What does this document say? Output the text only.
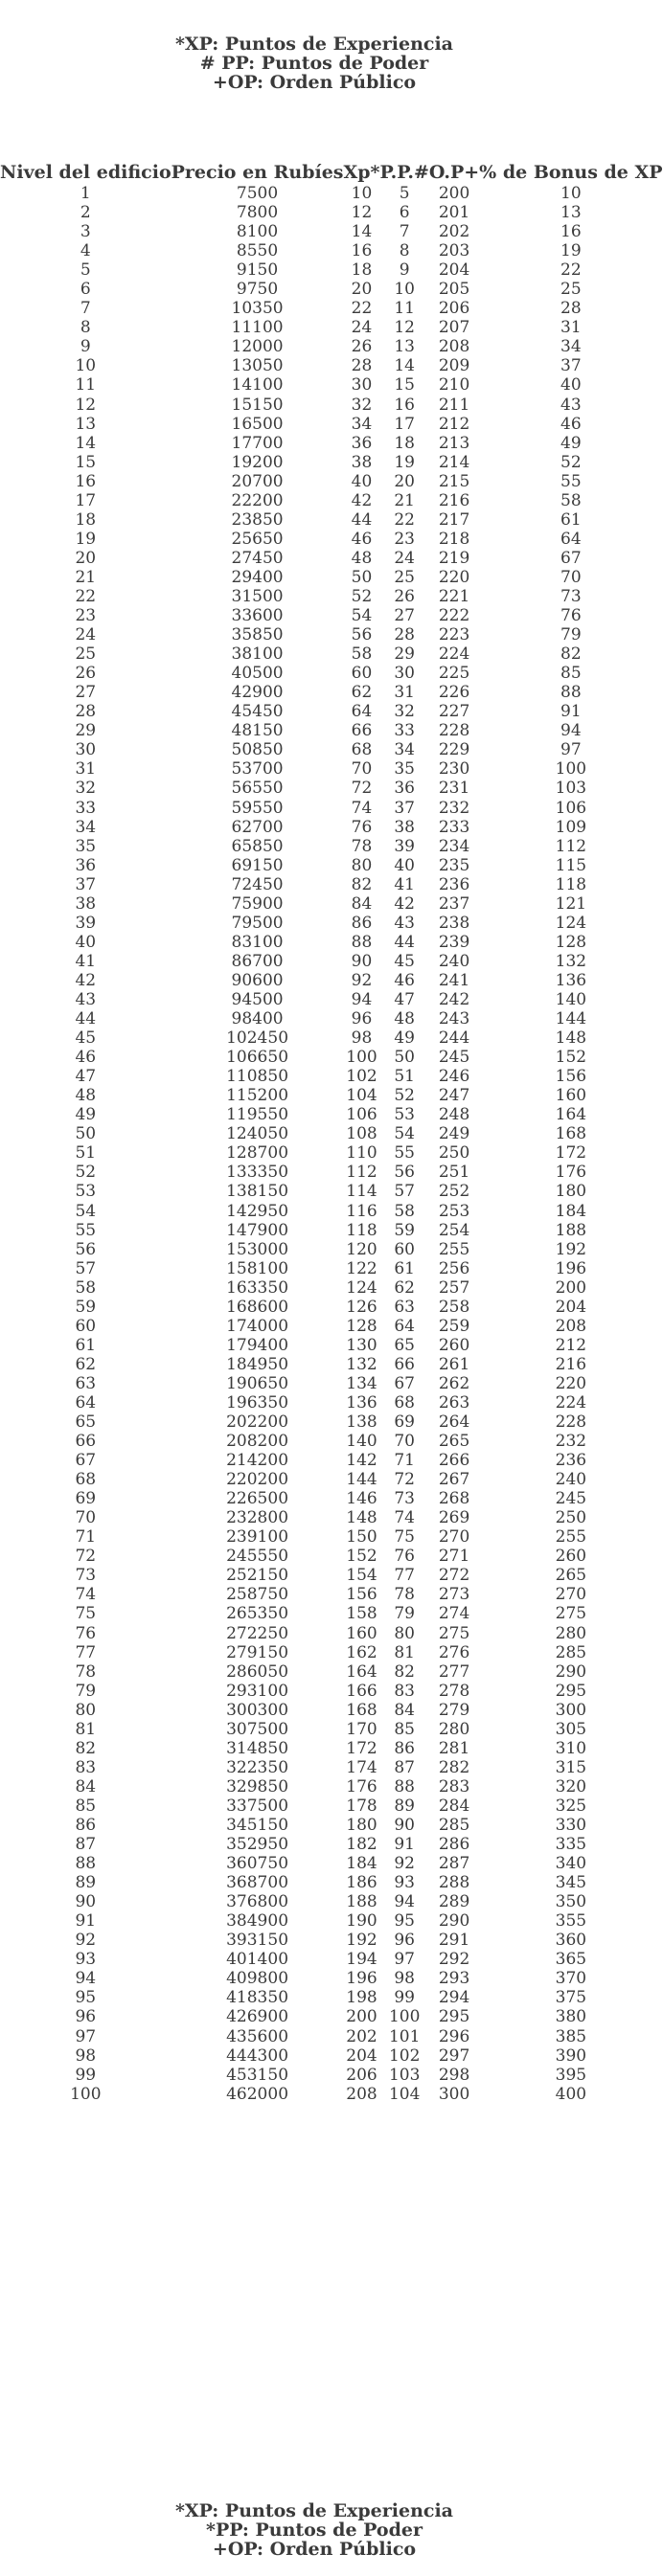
*XP: Puntos de Experiencia
# PP: Puntos de Poder
+OP: Orden Público
Nivel del edificio	Precio en Rubíes	Xp*	P.P.#	O.P+	% de Bonus de XP
1	7500	10	5	200	10
2	7800	12	6	201	13
3	8100	14	7	202	16
4	8550	16	8	203	19
5	9150	18	9	204	22
6	9750	20	10	205	25
7	10350	22	11	206	28
8	11100	24	12	207	31
9	12000	26	13	208	34
10	13050	28	14	209	37
11	14100	30	15	210	40
12	15150	32	16	211	43
13	16500	34	17	212	46
14	17700	36	18	213	49
15	19200	38	19	214	52
16	20700	40	20	215	55
17	22200	42	21	216	58
18	23850	44	22	217	61
19	25650	46	23	218	64
20	27450	48	24	219	67
21	29400	50	25	220	70
22	31500	52	26	221	73
23	33600	54	27	222	76
24	35850	56	28	223	79
25	38100	58	29	224	82
26	40500	60	30	225	85
27	42900	62	31	226	88
28	45450	64	32	227	91
29	48150	66	33	228	94
30	50850	68	34	229	97
31	53700	70	35	230	100
32	56550	72	36	231	103
33	59550	74	37	232	106
34	62700	76	38	233	109
35	65850	78	39	234	112
36	69150	80	40	235	115
37	72450	82	41	236	118
38	75900	84	42	237	121
39	79500	86	43	238	124
40	83100	88	44	239	128
41	86700	90	45	240	132
42	90600	92	46	241	136
43	94500	94	47	242	140
44	98400	96	48	243	144
45	102450	98	49	244	148
46	106650	100	50	245	152
47	110850	102	51	246	156
48	115200	104	52	247	160
49	119550	106	53	248	164
50	124050	108	54	249	168
51	128700	110	55	250	172
52	133350	112	56	251	176
53	138150	114	57	252	180
54	142950	116	58	253	184
55	147900	118	59	254	188
56	153000	120	60	255	192
57	158100	122	61	256	196
58	163350	124	62	257	200
59	168600	126	63	258	204
60	174000	128	64	259	208
61	179400	130	65	260	212
62	184950	132	66	261	216
63	190650	134	67	262	220
64	196350	136	68	263	224
65	202200	138	69	264	228
66	208200	140	70	265	232
67	214200	142	71	266	236
68	220200	144	72	267	240
69	226500	146	73	268	245
70	232800	148	74	269	250
71	239100	150	75	270	255
72	245550	152	76	271	260
73	252150	154	77	272	265
74	258750	156	78	273	270
75	265350	158	79	274	275
76	272250	160	80	275	280
77	279150	162	81	276	285
78	286050	164	82	277	290
79	293100	166	83	278	295
80	300300	168	84	279	300
81	307500	170	85	280	305
82	314850	172	86	281	310
83	322350	174	87	282	315
84	329850	176	88	283	320
85	337500	178	89	284	325
86	345150	180	90	285	330
87	352950	182	91	286	335
88	360750	184	92	287	340
89	368700	186	93	288	345
90	376800	188	94	289	350
91	384900	190	95	290	355
92	393150	192	96	291	360
93	401400	194	97	292	365
94	409800	196	98	293	370
95	418350	198	99	294	375
96	426900	200	100	295	380
97	435600	202	101	296	385
98	444300	204	102	297	390
99	453150	206	103	298	395
100	462000	208	104	300	400
*XP: Puntos de Experiencia
*PP: Puntos de Poder
+OP: Orden Público
